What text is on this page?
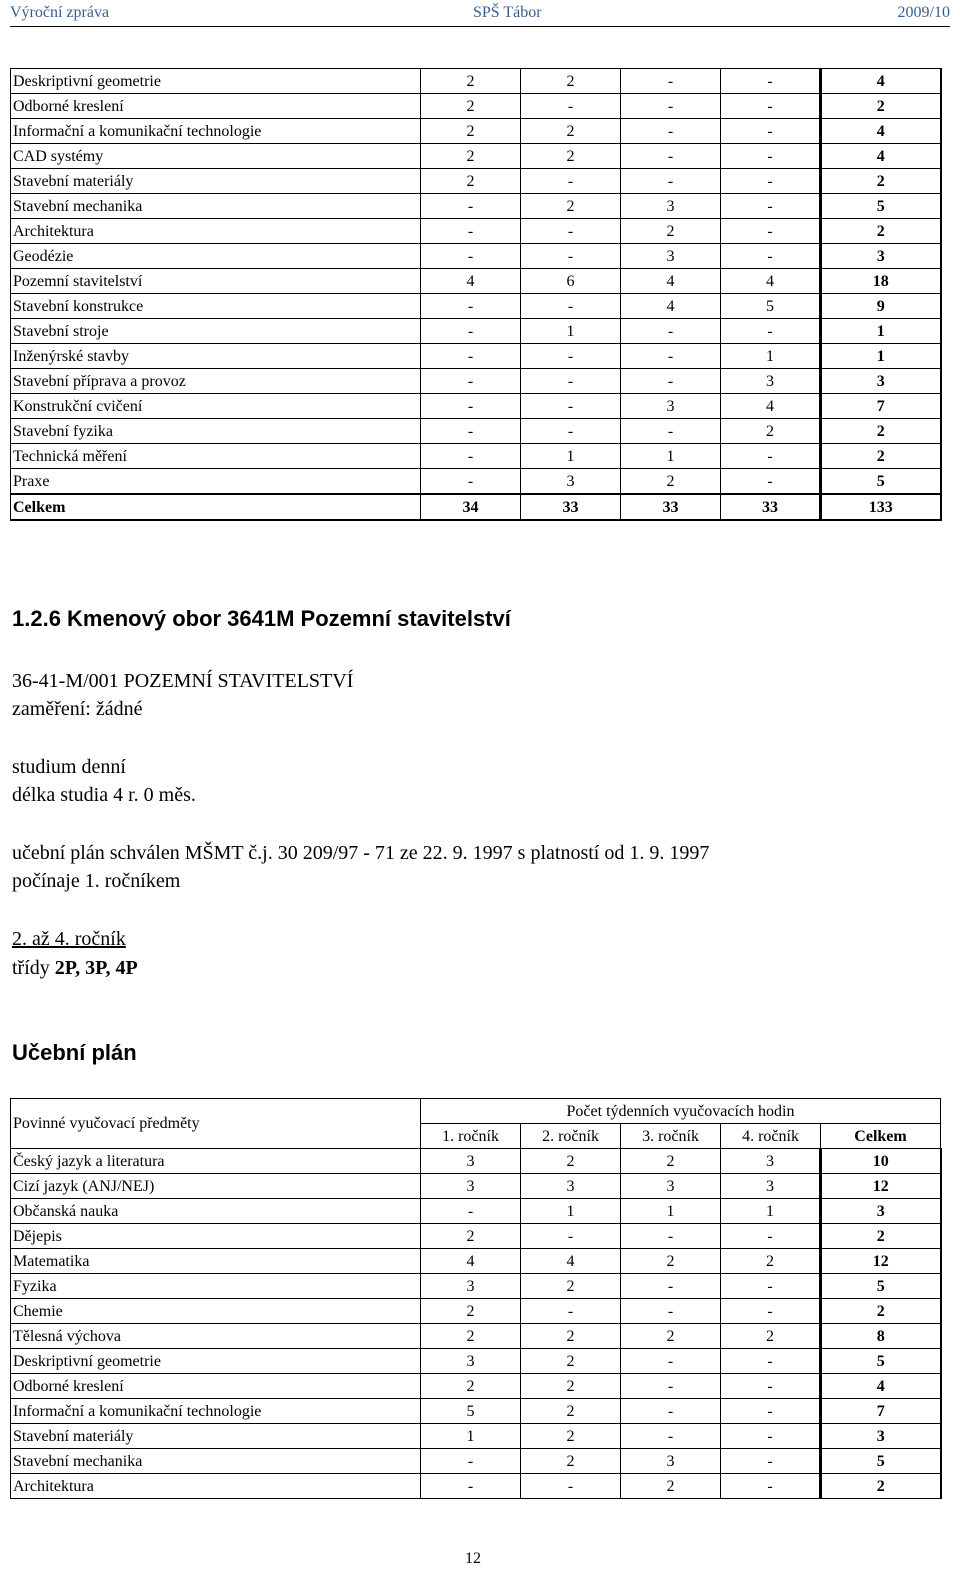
Výroční zpráva	SPŠ Tábor	2009/10
Deskriptivní geometrie	2	2	-	-	4
Odborné kreslení	2	-	-	-	2
Informační a komunikační technologie	2	2	-	-	4
CAD systémy	2	2	-	-	4
Stavební materiály	2	-	-	-	2
Stavební mechanika	-	2	3	-	5
Architektura	-	-	2	-	2
Geodézie	-	-	3	-	3
Pozemní stavitelství	4	6	4	4	18
Stavební konstrukce	-	-	4	5	9
Stavební stroje	-	1	-	-	1
Inženýrské stavby	-	-	-	1	1
Stavební příprava a provoz	-	-	-	3	3
Konstrukční cvičení	-	-	3	4	7
Stavební fyzika	-	-	-	2	2
Technická měření	-	1	1	-	2
Praxe	-	3	2	-	5
Celkem	34	33	33	33	133
1.2.6 Kmenový obor 3641M Pozemní stavitelství
36-41-M/001 POZEMNÍ STAVITELSTVÍ
zaměření: žádné
studium denní
délka studia 4 r. 0 měs.
učební plán schválen MŠMT č.j. 30 209/97 - 71 ze 22. 9. 1997 s platností od 1. 9. 1997
počínaje 1. ročníkem
2. až 4. ročník
třídy 2P, 3P, 4P
Učební plán
Povinné vyučovací předměty	Počet týdenních vyučovacích hodin				
	1. ročník	2. ročník	3. ročník	4. ročník	Celkem
Český jazyk a literatura	3	2	2	3	10
Cizí jazyk (ANJ/NEJ)	3	3	3	3	12
Občanská nauka	-	1	1	1	3
Dějepis	2	-	-	-	2
Matematika	4	4	2	2	12
Fyzika	3	2	-	-	5
Chemie	2	-	-	-	2
Tělesná výchova	2	2	2	2	8
Deskriptivní geometrie	3	2	-	-	5
Odborné kreslení	2	2	-	-	4
Informační a komunikační technologie	5	2	-	-	7
Stavební materiály	1	2	-	-	3
Stavební mechanika	-	2	3	-	5
Architektura	-	-	2	-	2
12
